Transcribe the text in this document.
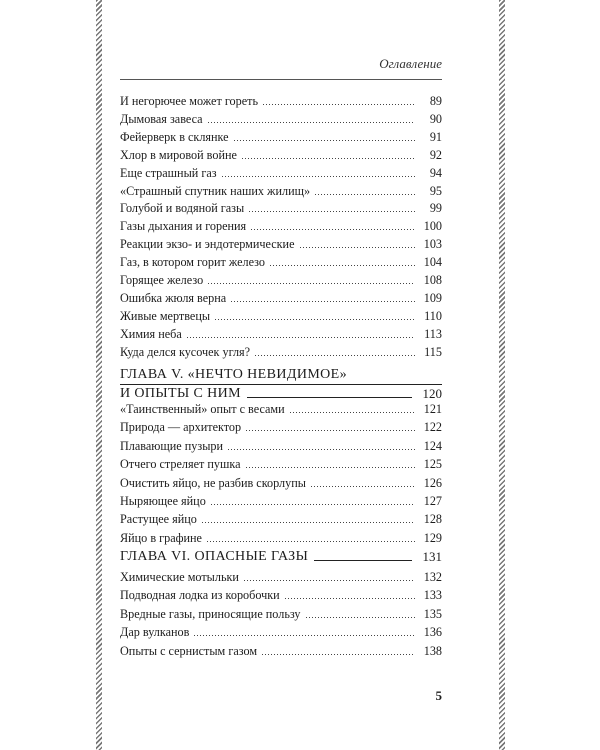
Оглавление
И негорючее может гореть	89
Дымовая завеса	90
Фейерверк в склянке	91
Хлор в мировой войне	92
Еще страшный газ	94
«Страшный спутник наших жилищ»	95
Голубой и водяной газы	99
Газы дыхания и горения	100
Реакции экзо- и эндотермические	103
Газ, в котором горит железо	104
Горящее железо	108
Ошибка жюля верна	109
Живые мертвецы	110
Химия неба	113
Куда делся кусочек угля?	115
ГЛАВА V. «НЕЧТО НЕВИДИМОЕ»
И ОПЫТЫ С НИМ	120
«Таинственный» опыт с весами	121
Природа — архитектор	122
Плавающие пузыри	124
Отчего стреляет пушка	125
Очистить яйцо, не разбив скорлупы	126
Ныряющее яйцо	127
Растущее яйцо	128
Яйцо в графине	129
ГЛАВА VI. ОПАСНЫЕ ГАЗЫ	131
Химические мотыльки	132
Подводная лодка из коробочки	133
Вредные газы, приносящие пользу	135
Дар вулканов	136
Опыты с сернистым газом	138
5
